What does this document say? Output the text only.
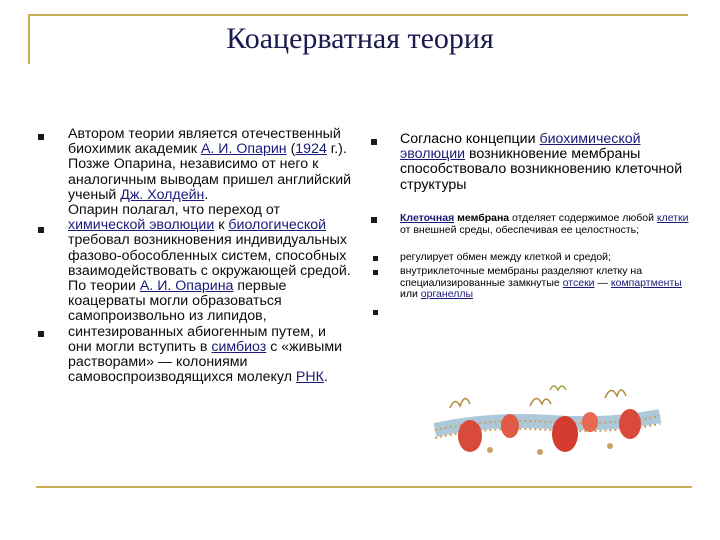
Коацерватная теория

Автором теории является отечественный биохимик академик А. И. Опарин (1924 г.). Позже Опарина, независимо от него к аналогичным выводам пришел английский ученый Дж. Холдейн.

Опарин полагал, что переход от химической эволюции к биологической требовал возникновения индивидуальных фазово-обособленных систем, способных взаимодействовать с окружающей средой.

По теории А. И. Опарина первые коацерваты могли образоваться самопроизвольно из липидов, синтезированных абиогенным путем, и они могли вступить в симбиоз с «живыми растворами» — колониями самовоспроизводящихся молекул РНК.

Согласно концепции биохимической эволюции возникновение мембраны способствовало возникновению клеточной структуры

Клеточная мембрана отделяет содержимое любой клетки от внешней среды, обеспечивая ее целостность;

регулирует обмен между клеткой и средой;

внутриклеточные мембраны разделяют клетку на специализированные замкнутые отсеки — компартменты или органеллы
